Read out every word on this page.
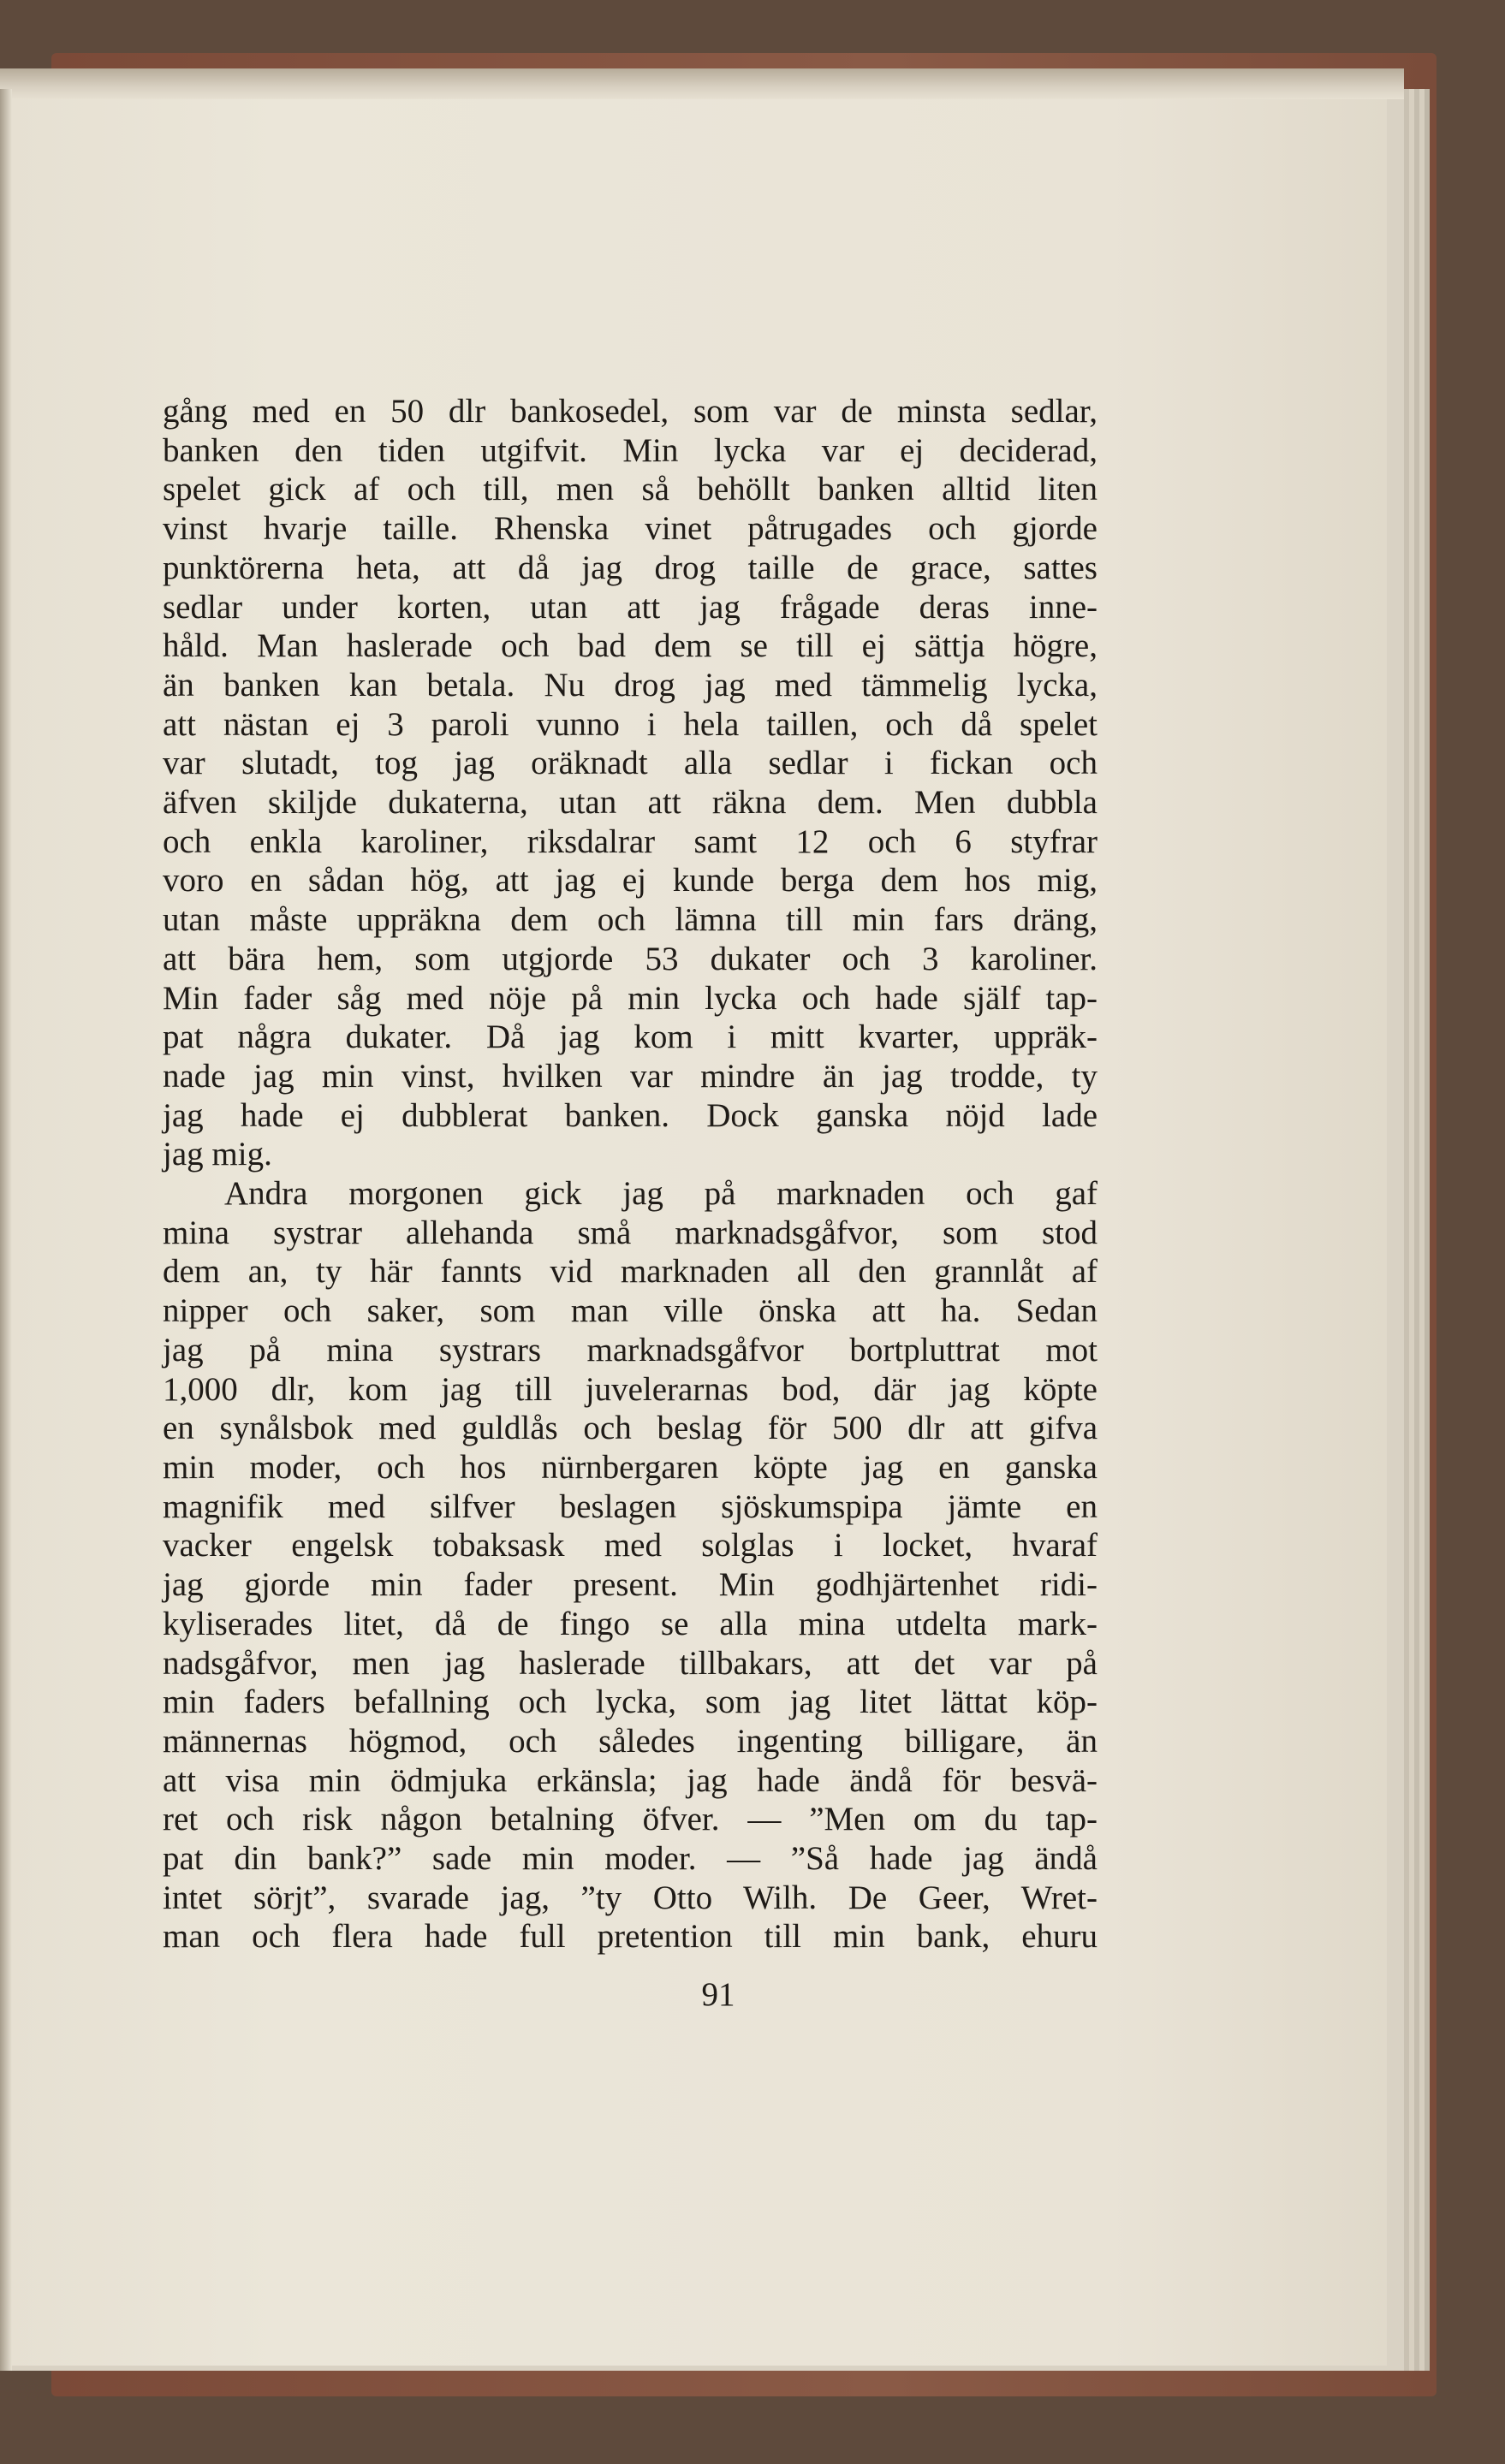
gång med en 50 dlr bankosedel, som var de minsta sedlar,
banken den tiden utgifvit. Min lycka var ej deciderad,
spelet gick af och till, men så behöllt banken alltid liten
vinst hvarje taille. Rhenska vinet påtrugades och gjorde
punktörerna heta, att då jag drog taille de grace, sattes
sedlar under korten, utan att jag frågade deras inne-
håld. Man haslerade och bad dem se till ej sättja högre,
än banken kan betala. Nu drog jag med tämmelig lycka,
att nästan ej 3 paroli vunno i hela taillen, och då spelet
var slutadt, tog jag oräknadt alla sedlar i fickan och
äfven skiljde dukaterna, utan att räkna dem. Men dubbla
och enkla karoliner, riksdalrar samt 12 och 6 styfrar
voro en sådan hög, att jag ej kunde berga dem hos mig,
utan måste uppräkna dem och lämna till min fars dräng,
att bära hem, som utgjorde 53 dukater och 3 karoliner.
Min fader såg med nöje på min lycka och hade själf tap-
pat några dukater. Då jag kom i mitt kvarter, uppräk-
nade jag min vinst, hvilken var mindre än jag trodde, ty
jag hade ej dubblerat banken. Dock ganska nöjd lade
jag mig.
Andra morgonen gick jag på marknaden och gaf
mina systrar allehanda små marknadsgåfvor, som stod
dem an, ty här fannts vid marknaden all den grannlåt af
nipper och saker, som man ville önska att ha. Sedan
jag på mina systrars marknadsgåfvor bortpluttrat mot
1,000 dlr, kom jag till juvelerarnas bod, där jag köpte
en synålsbok med guldlås och beslag för 500 dlr att gifva
min moder, och hos nürnbergaren köpte jag en ganska
magnifik med silfver beslagen sjöskumspipa jämte en
vacker engelsk tobaksask med solglas i locket, hvaraf
jag gjorde min fader present. Min godhjärtenhet ridi-
kyliserades litet, då de fingo se alla mina utdelta mark-
nadsgåfvor, men jag haslerade tillbakars, att det var på
min faders befallning och lycka, som jag litet lättat köp-
männernas högmod, och således ingenting billigare, än
att visa min ödmjuka erkänsla; jag hade ändå för besvä-
ret och risk någon betalning öfver. — ”Men om du tap-
pat din bank?” sade min moder. — ”Så hade jag ändå
intet sörjt”, svarade jag, ”ty Otto Wilh. De Geer, Wret-
man och flera hade full pretention till min bank, ehuru
91
